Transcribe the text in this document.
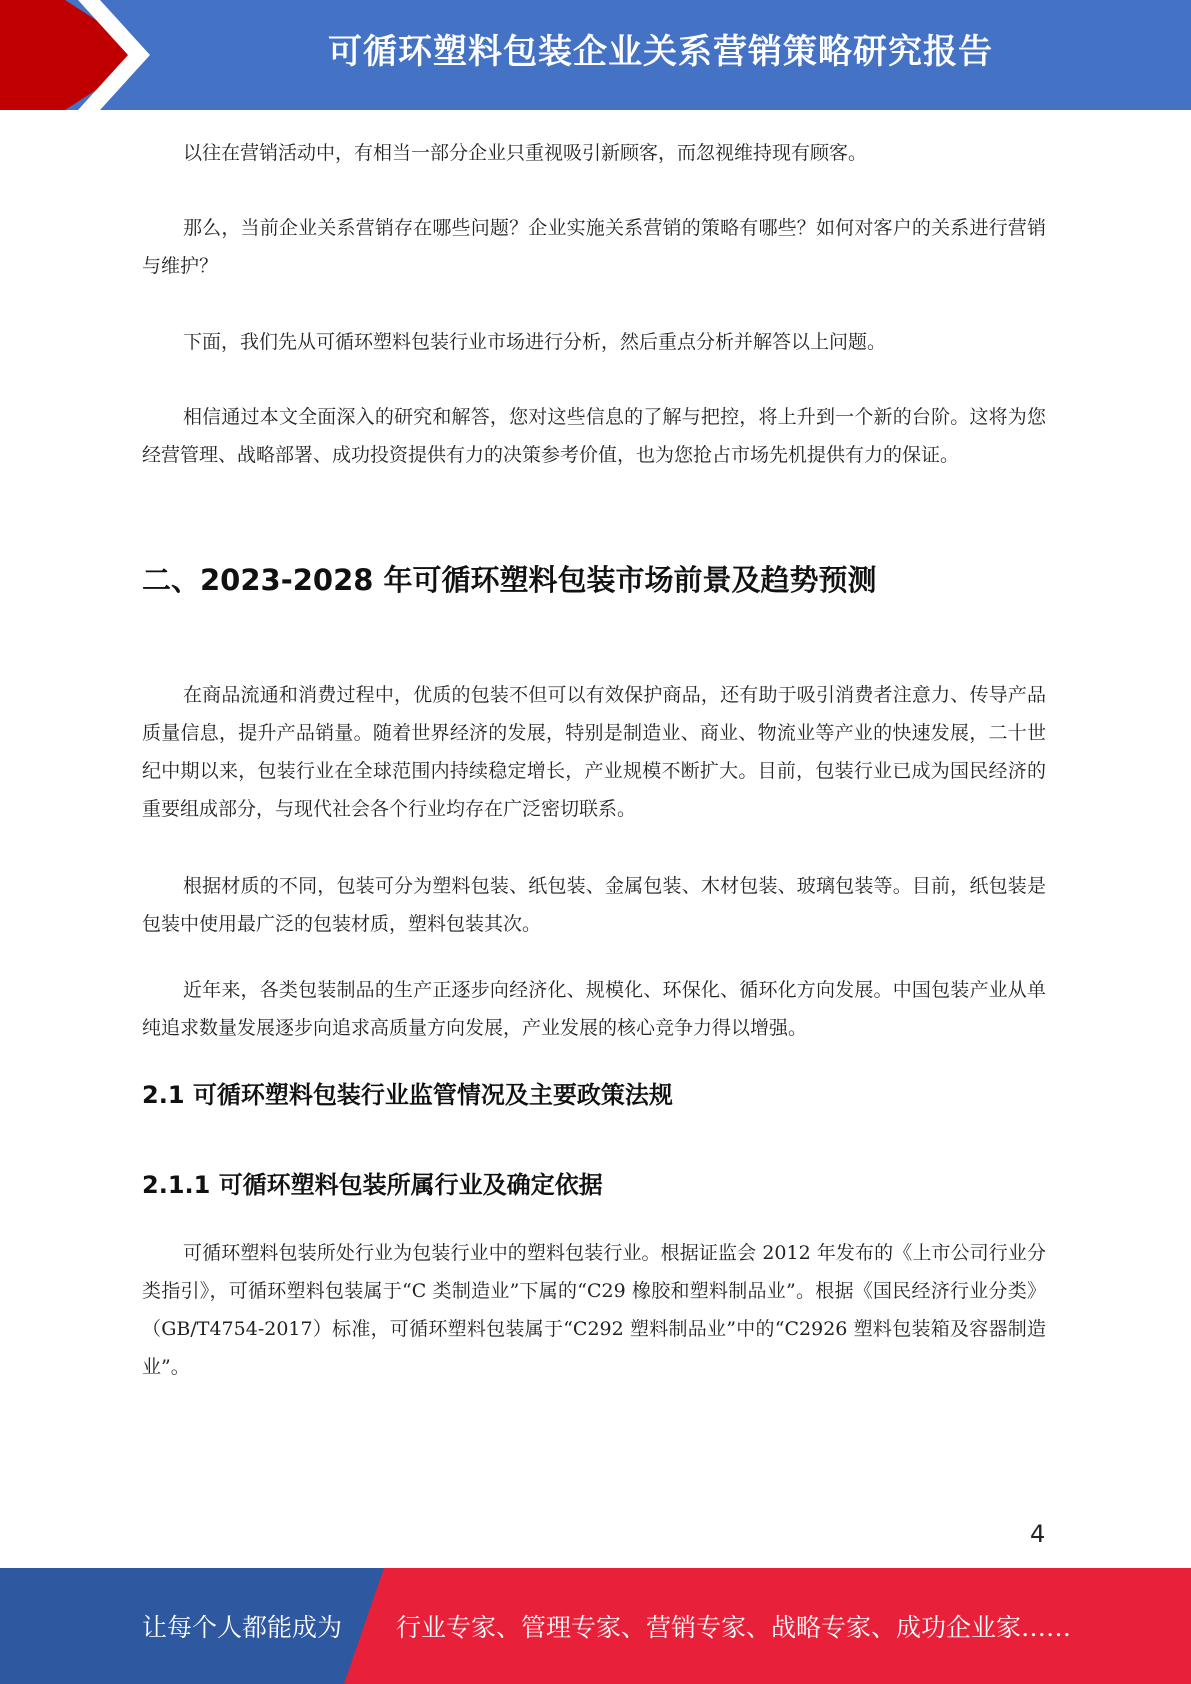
可循环塑料包装企业关系营销策略研究报告

以往在营销活动中，有相当一部分企业只重视吸引新顾客，而忽视维持现有顾客。

那么，当前企业关系营销存在哪些问题？企业实施关系营销的策略有哪些？如何对客户的关系进行营销与维护？

下面，我们先从可循环塑料包装行业市场进行分析，然后重点分析并解答以上问题。

相信通过本文全面深入的研究和解答，您对这些信息的了解与把控，将上升到一个新的台阶。这将为您经营管理、战略部署、成功投资提供有力的决策参考价值，也为您抢占市场先机提供有力的保证。

二、2023-2028 年可循环塑料包装市场前景及趋势预测

在商品流通和消费过程中，优质的包装不但可以有效保护商品，还有助于吸引消费者注意力、传导产品质量信息，提升产品销量。随着世界经济的发展，特别是制造业、商业、物流业等产业的快速发展，二十世纪中期以来，包装行业在全球范围内持续稳定增长，产业规模不断扩大。目前，包装行业已成为国民经济的重要组成部分，与现代社会各个行业均存在广泛密切联系。

根据材质的不同，包装可分为塑料包装、纸包装、金属包装、木材包装、玻璃包装等。目前，纸包装是包装中使用最广泛的包装材质，塑料包装其次。

近年来，各类包装制品的生产正逐步向经济化、规模化、环保化、循环化方向发展。中国包装产业从单纯追求数量发展逐步向追求高质量方向发展，产业发展的核心竞争力得以增强。

2.1 可循环塑料包装行业监管情况及主要政策法规
2.1.1 可循环塑料包装所属行业及确定依据

可循环塑料包装所处行业为包装行业中的塑料包装行业。根据证监会 2012 年发布的《上市公司行业分类指引》，可循环塑料包装属于“C 类制造业”下属的“C29 橡胶和塑料制品业”。根据《国民经济行业分类》（GB/T4754-2017）标准，可循环塑料包装属于“C292 塑料制品业”中的“C2926 塑料包装箱及容器制造业”。

4
让每个人都能成为 行业专家、管理专家、营销专家、战略专家、成功企业家……
